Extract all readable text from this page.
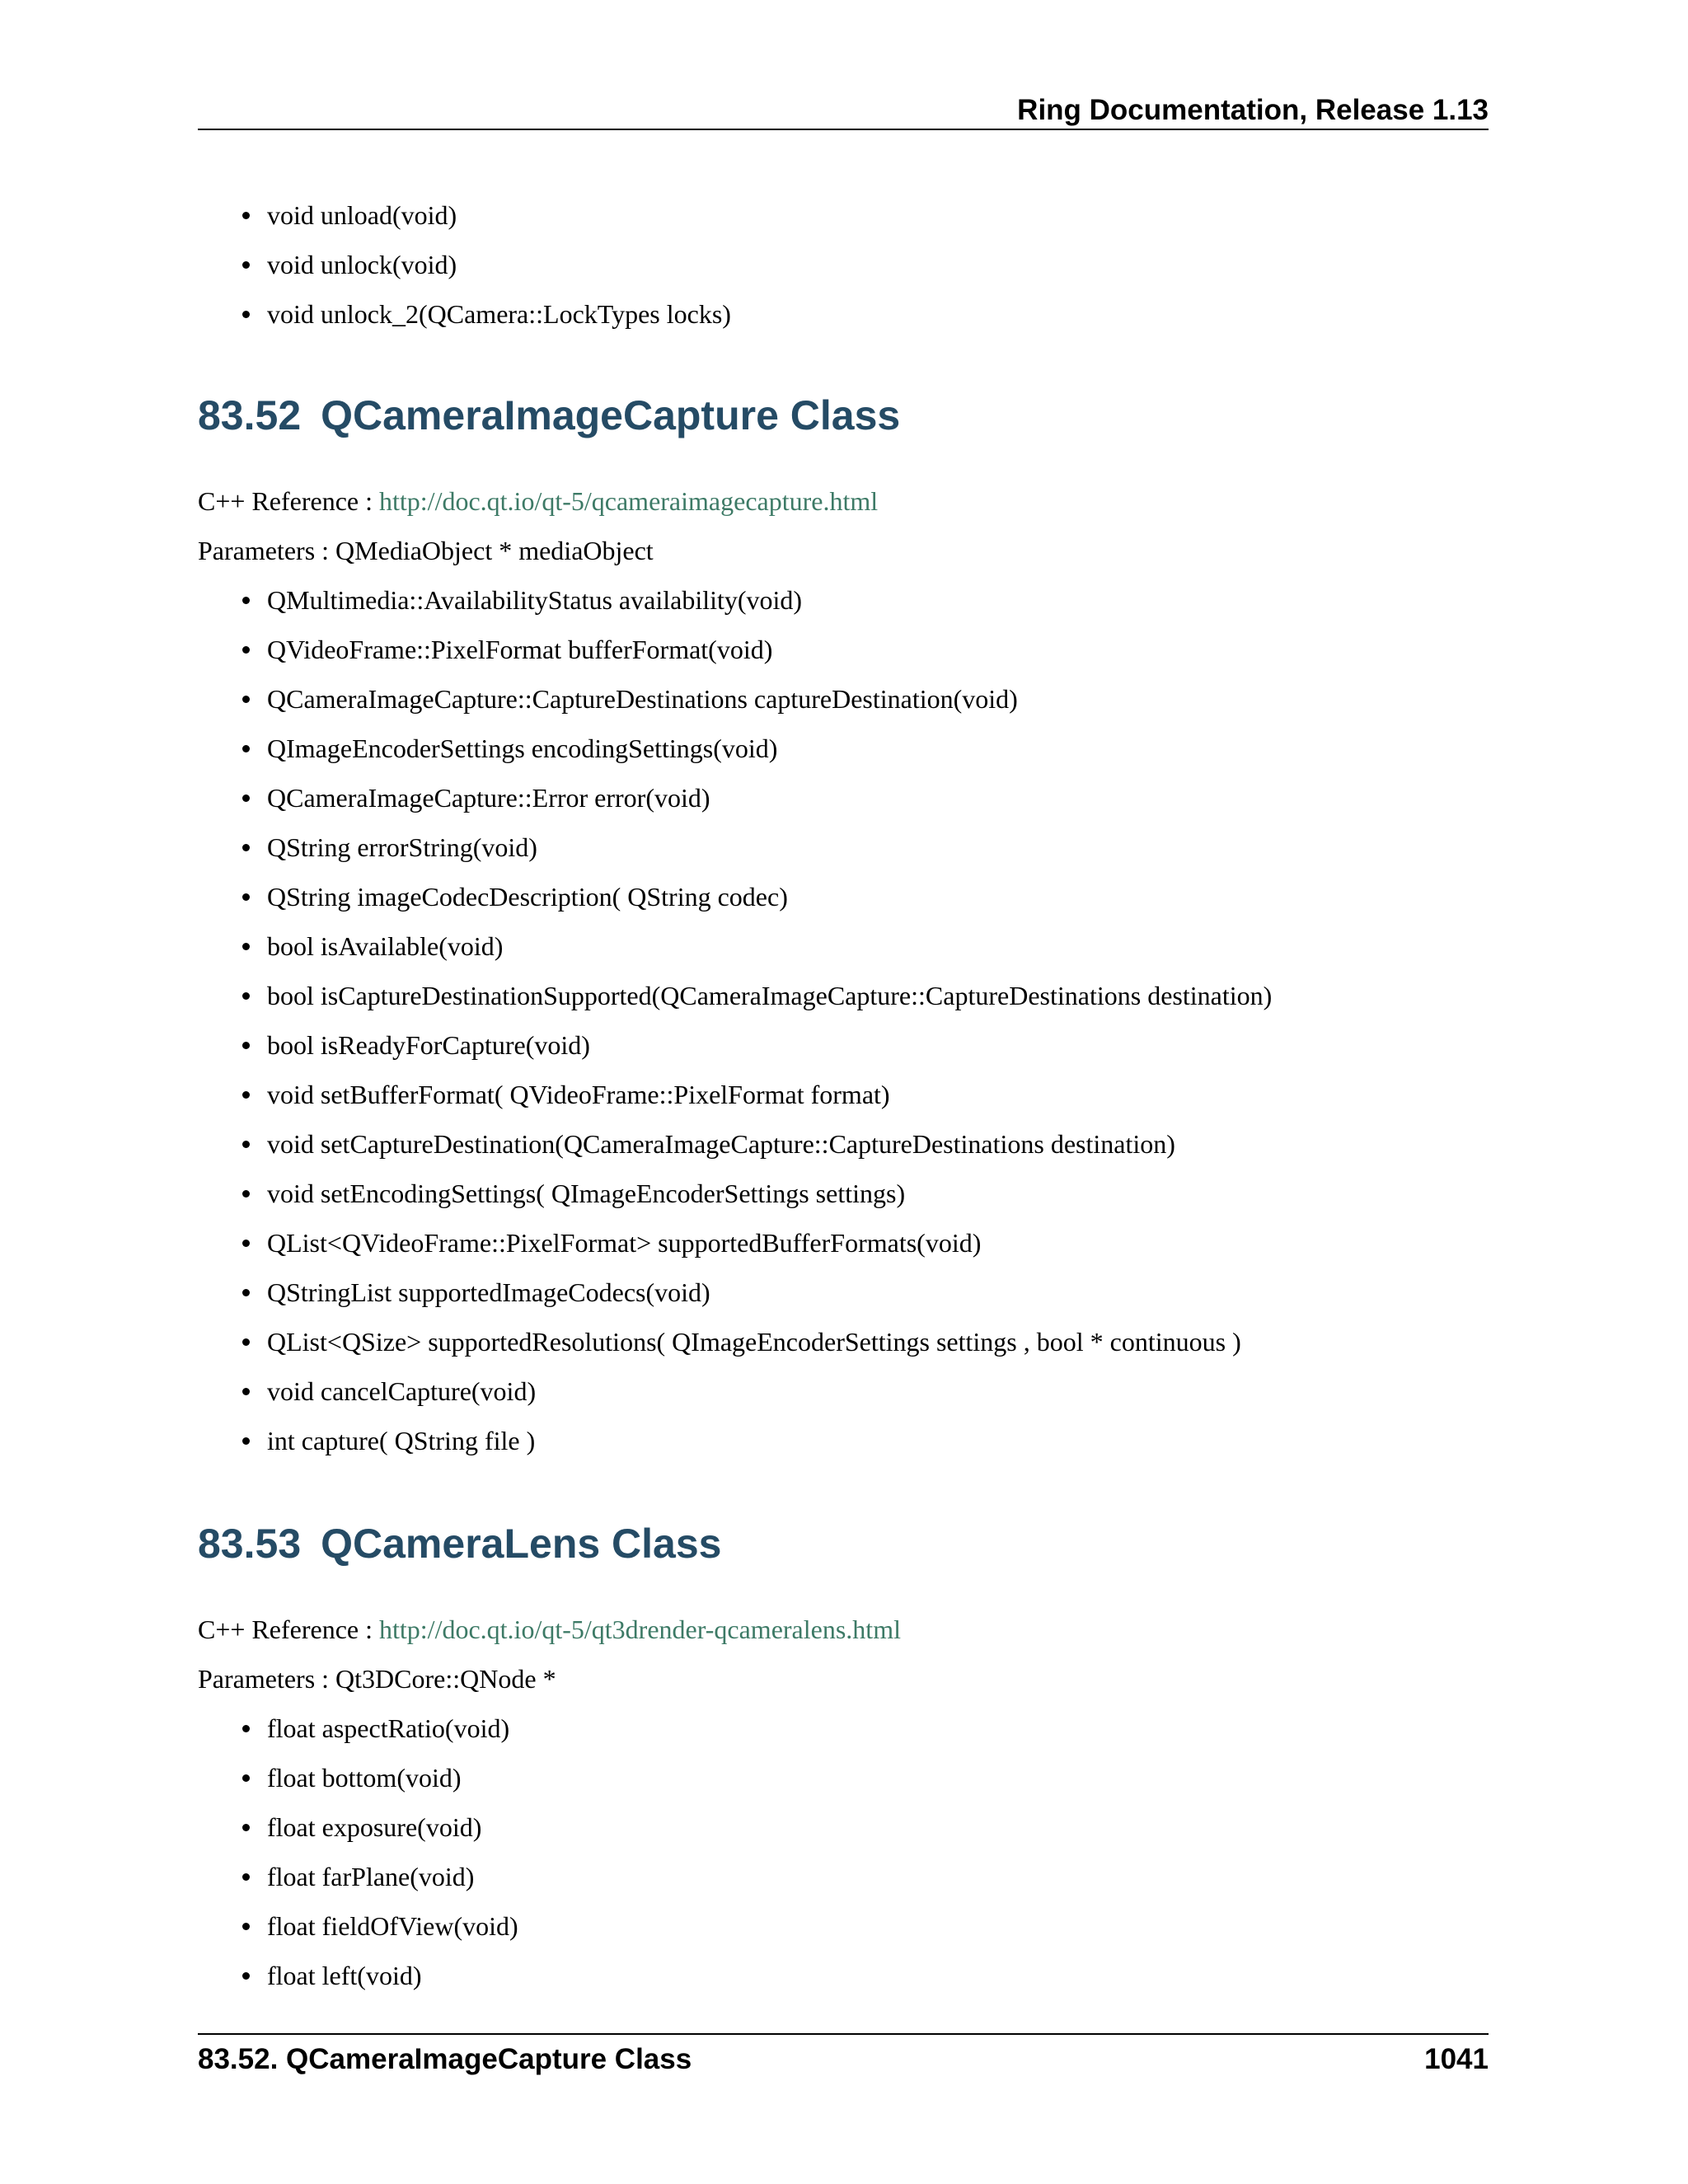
Ring Documentation, Release 1.13
void unload(void)
void unlock(void)
void unlock_2(QCamera::LockTypes locks)
83.52 QCameraImageCapture Class
C++ Reference : http://doc.qt.io/qt-5/qcameraimagecapture.html
Parameters : QMediaObject * mediaObject
QMultimedia::AvailabilityStatus availability(void)
QVideoFrame::PixelFormat bufferFormat(void)
QCameraImageCapture::CaptureDestinations captureDestination(void)
QImageEncoderSettings encodingSettings(void)
QCameraImageCapture::Error error(void)
QString errorString(void)
QString imageCodecDescription( QString codec)
bool isAvailable(void)
bool isCaptureDestinationSupported(QCameraImageCapture::CaptureDestinations destination)
bool isReadyForCapture(void)
void setBufferFormat( QVideoFrame::PixelFormat format)
void setCaptureDestination(QCameraImageCapture::CaptureDestinations destination)
void setEncodingSettings( QImageEncoderSettings settings)
QList<QVideoFrame::PixelFormat> supportedBufferFormats(void)
QStringList supportedImageCodecs(void)
QList<QSize> supportedResolutions( QImageEncoderSettings settings , bool * continuous )
void cancelCapture(void)
int capture( QString file )
83.53 QCameraLens Class
C++ Reference : http://doc.qt.io/qt-5/qt3drender-qcameralens.html
Parameters : Qt3DCore::QNode *
float aspectRatio(void)
float bottom(void)
float exposure(void)
float farPlane(void)
float fieldOfView(void)
float left(void)
83.52. QCameraImageCapture Class	1041
